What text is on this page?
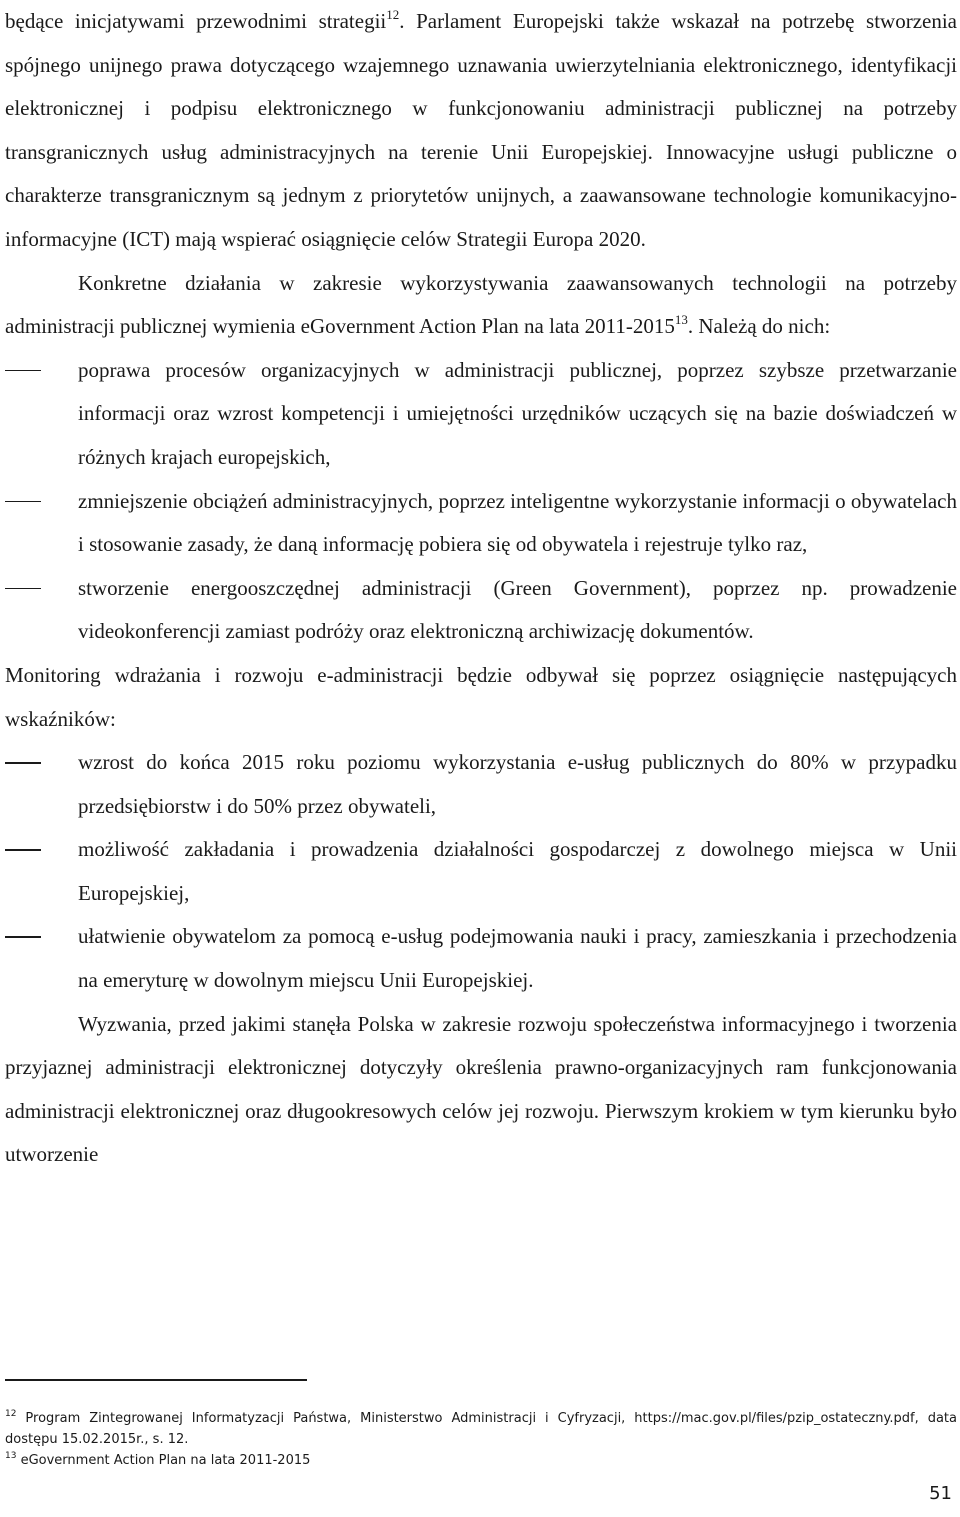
będące inicjatywami przewodnimi strategii$^{12}$. Parlament Europejski także wskazał na potrzebę stworzenia spójnego unijnego prawa dotyczącego wzajemnego uznawania uwierzytelniania elektronicznego, identyfikacji elektronicznej i podpisu elektronicznego w funkcjonowaniu administracji publicznej na potrzeby transgranicznych usług administracyjnych na terenie Unii Europejskiej. Innowacyjne usługi publiczne o charakterze transgranicznym są jednym z priorytetów unijnych, a zaawansowane technologie komunikacyjno-informacyjne (ICT) mają wspierać osiągnięcie celów Strategii Europa 2020.

Konkretne działania w zakresie wykorzystywania zaawansowanych technologii na potrzeby administracji publicznej wymienia eGovernment Action Plan na lata 2011-2015$^{13}$. Należą do nich:

poprawa procesów organizacyjnych w administracji publicznej, poprzez szybsze przetwarzanie informacji oraz wzrost kompetencji i umiejętności urzędników uczących się na bazie doświadczeń w różnych krajach europejskich,
zmniejszenie obciążeń administracyjnych, poprzez inteligentne wykorzystanie informacji o obywatelach i stosowanie zasady, że daną informację pobiera się od obywatela i rejestruje tylko raz,
stworzenie energooszczędnej administracji (Green Government), poprzez np. prowadzenie videokonferencji zamiast podróży oraz elektroniczną archiwizację dokumentów.

Monitoring wdrażania i rozwoju e-administracji będzie odbywał się poprzez osiągnięcie następujących wskaźników:

wzrost do końca 2015 roku poziomu wykorzystania e-usług publicznych do 80% w przypadku przedsiębiorstw i do 50% przez obywateli,
możliwość zakładania i prowadzenia działalności gospodarczej z dowolnego miejsca w Unii Europejskiej,
ułatwienie obywatelom za pomocą e-usług podejmowania nauki i pracy, zamieszkania i przechodzenia na emeryturę w dowolnym miejscu Unii Europejskiej.

Wyzwania, przed jakimi stanęła Polska w zakresie rozwoju społeczeństwa informacyjnego i tworzenia przyjaznej administracji elektronicznej dotyczyły określenia prawno-organizacyjnych ram funkcjonowania administracji elektronicznej oraz długookresowych celów jej rozwoju. Pierwszym krokiem w tym kierunku było utworzenie

$^{12}$ Program Zintegrowanej Informatyzacji Państwa, Ministerstwo Administracji i Cyfryzacji, https://mac.gov.pl/files/pzip_ostateczny.pdf, data dostępu 15.02.2015r., s. 12.

$^{13}$ eGovernment Action Plan na lata 2011-2015

51
